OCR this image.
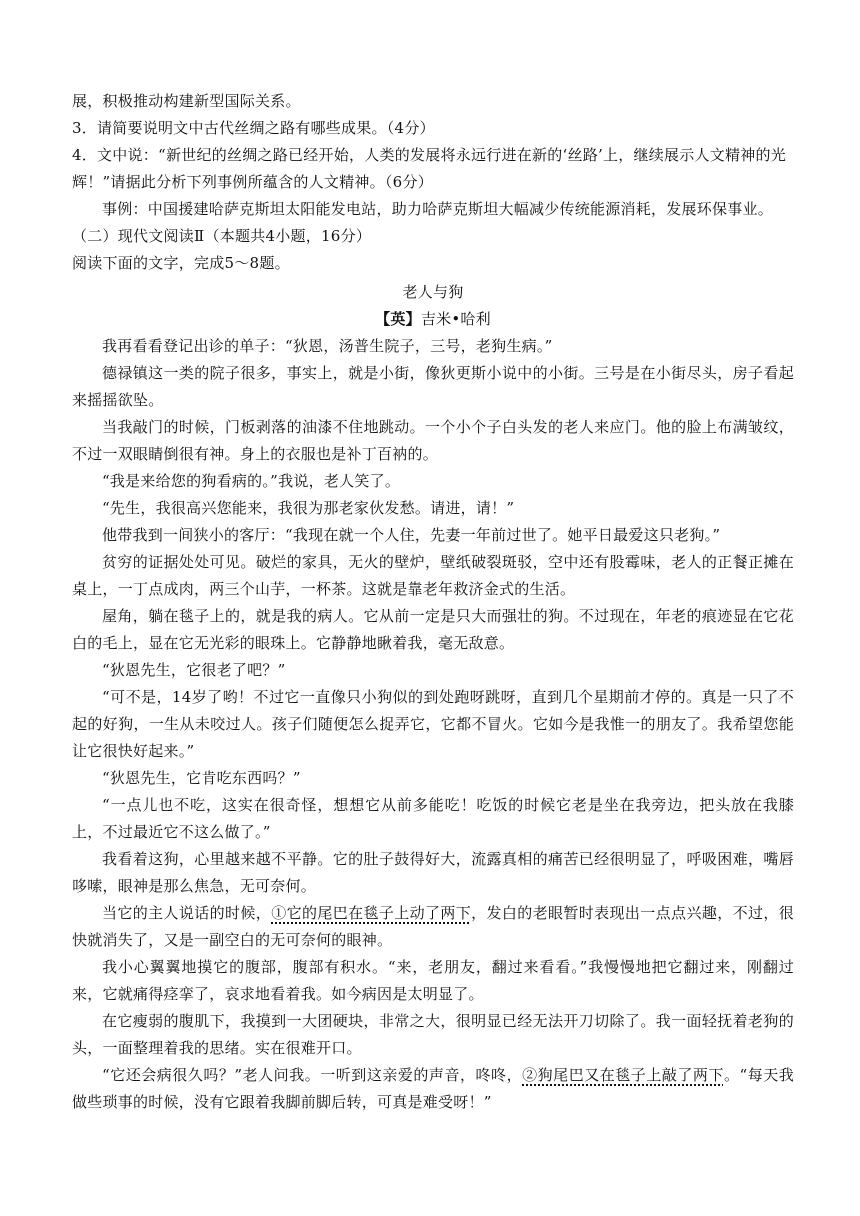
展，积极推动构建新型国际关系。

3．请简要说明文中古代丝绸之路有哪些成果。（4分）

4．文中说：“新世纪的丝绸之路已经开始，人类的发展将永远行进在新的‘丝路’上，继续展示人文精神的光
辉！”请据此分析下列事例所蕴含的人文精神。（6分）

事例：中国援建哈萨克斯坦太阳能发电站，助力哈萨克斯坦大幅减少传统能源消耗，发展环保事业。

（二）现代文阅读Ⅱ（本题共4小题，16分）

阅读下面的文字，完成5～8题。

老人与狗

【英】吉米•哈利

我再看看登记出诊的单子：“狄恩，汤普生院子，三号，老狗生病。”

德禄镇这一类的院子很多，事实上，就是小街，像狄更斯小说中的小街。三号是在小街尽头，房子看起来摇摇欲坠。

当我敲门的时候，门板剥落的油漆不住地跳动。一个小个子白头发的老人来应门。他的脸上布满皱纹，不过一双眼睛倒很有神。身上的衣服也是补丁百衲的。

“我是来给您的狗看病的。”我说，老人笑了。

“先生，我很高兴您能来，我很为那老家伙发愁。请进，请！”

他带我到一间狭小的客厅：“我现在就一个人住，先妻一年前过世了。她平日最爱这只老狗。”

贫穷的证据处处可见。破烂的家具，无火的壁炉，壁纸破裂斑驳，空中还有股霉味，老人的正餐正摊在桌上，一丁点成肉，两三个山芋，一杯茶。这就是靠老年救济金式的生活。

屋角，躺在毯子上的，就是我的病人。它从前一定是只大而强壮的狗。不过现在，年老的痕迹显在它花白的毛上，显在它无光彩的眼珠上。它静静地瞅着我，毫无敌意。

“狄恩先生，它很老了吧？”

“可不是，14岁了哟！不过它一直像只小狗似的到处跑呀跳呀，直到几个星期前才停的。真是一只了不起的好狗，一生从未咬过人。孩子们随便怎么捉弄它，它都不冒火。它如今是我惟一的朋友了。我希望您能让它很快好起来。”

“狄恩先生，它肯吃东西吗？”

“一点儿也不吃，这实在很奇怪，想想它从前多能吃！吃饭的时候它老是坐在我旁边，把头放在我膝上，不过最近它不这么做了。”

我看着这狗，心里越来越不平静。它的肚子鼓得好大，流露真相的痛苦已经很明显了，呼吸困难，嘴唇哆嗦，眼神是那么焦急，无可奈何。

当它的主人说话的时候，①它的尾巴在毯子上动了两下，发白的老眼暂时表现出一点点兴趣，不过，很快就消失了，又是一副空白的无可奈何的眼神。

我小心翼翼地摸它的腹部，腹部有积水。“来，老朋友，翻过来看看。”我慢慢地把它翻过来，刚翻过来，它就痛得痉挛了，哀求地看着我。如今病因是太明显了。

在它瘦弱的腹肌下，我摸到一大团硬块，非常之大，很明显已经无法开刀切除了。我一面轻抚着老狗的头，一面整理着我的思绪。实在很难开口。

“它还会病很久吗？”老人问我。一听到这亲爱的声音，咚咚，②狗尾巴又在毯子上敲了两下。“每天我做些琐事的时候，没有它跟着我脚前脚后转，可真是难受呀！”
